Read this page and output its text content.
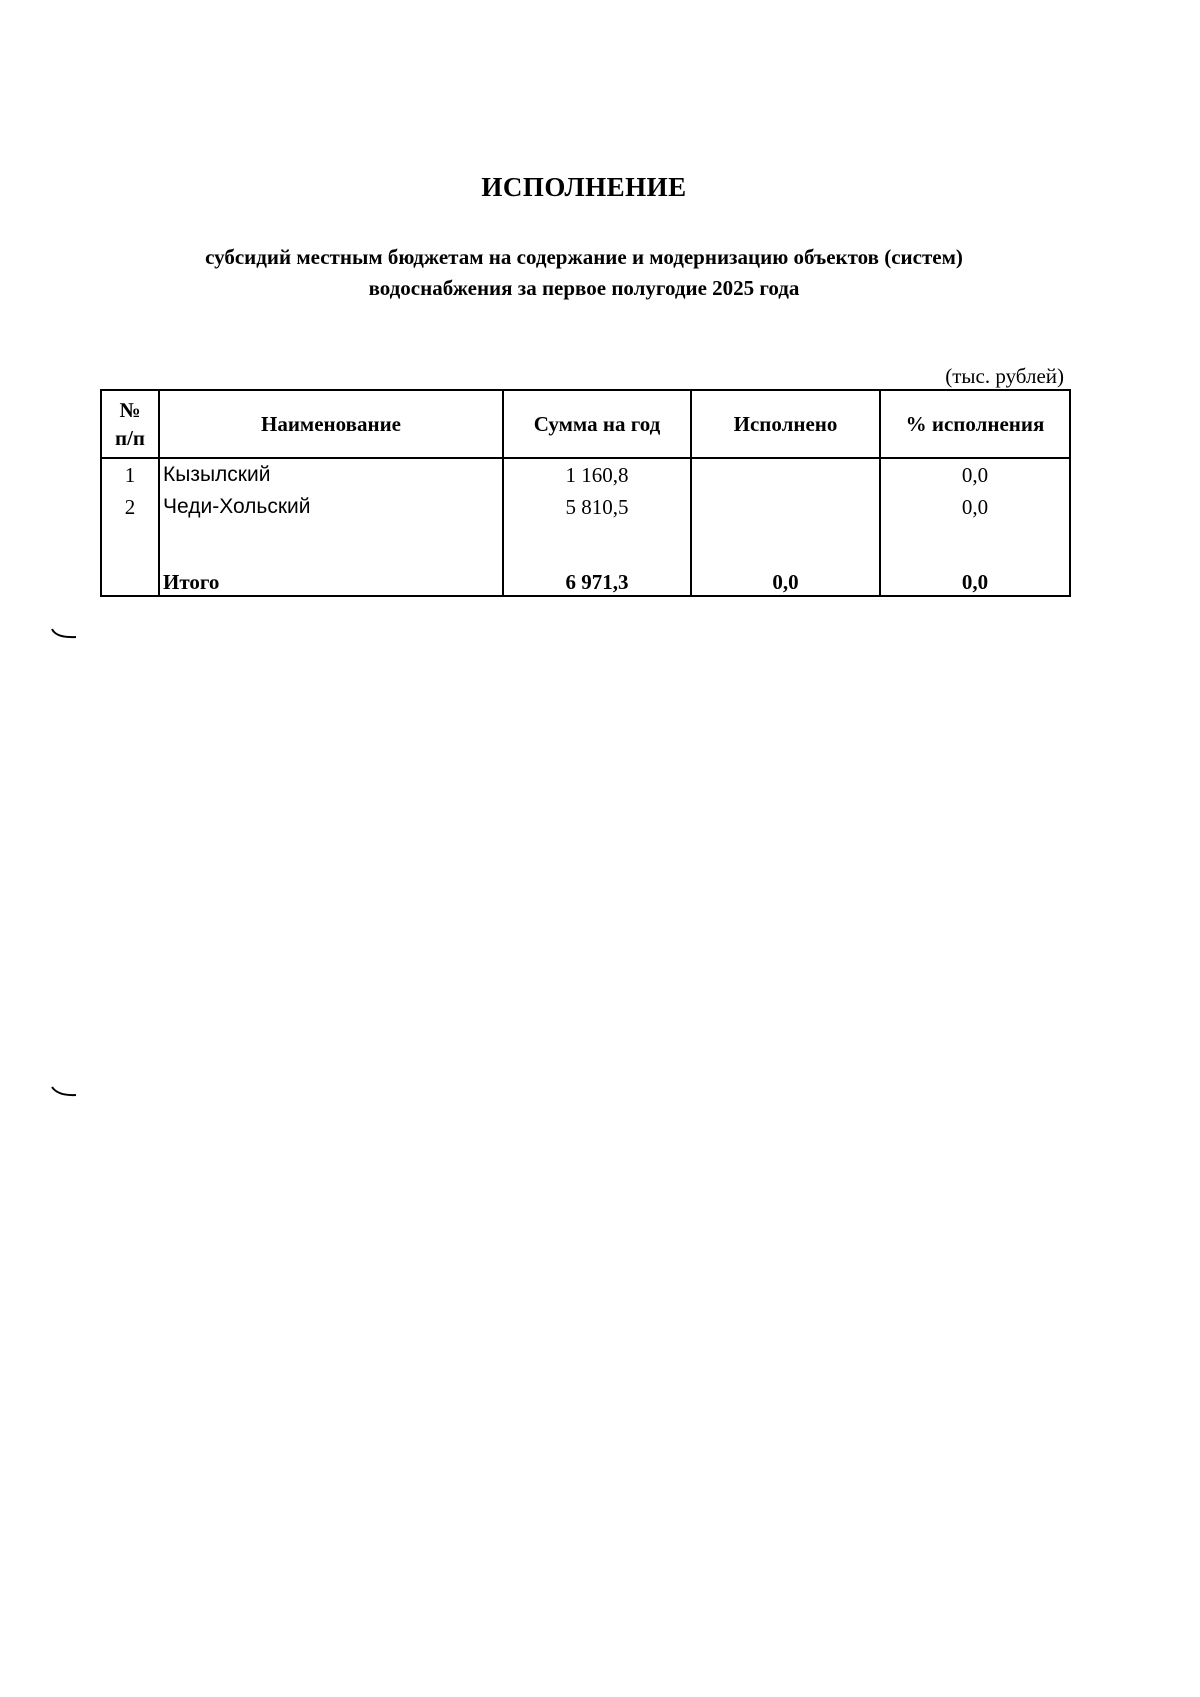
ИСПОЛНЕНИЕ
субсидий местным бюджетам на содержание и модернизацию объектов (систем)
водоснабжения за первое полугодие 2025 года
(тыс. рублей)
№
п/п	Наименование	Сумма на год	Исполнено	% исполнения
1	Кызылский	1 160,8		0,0
2	Чеди-Хольский	5 810,5		0,0

	Итого	6 971,3	0,0	0,0
